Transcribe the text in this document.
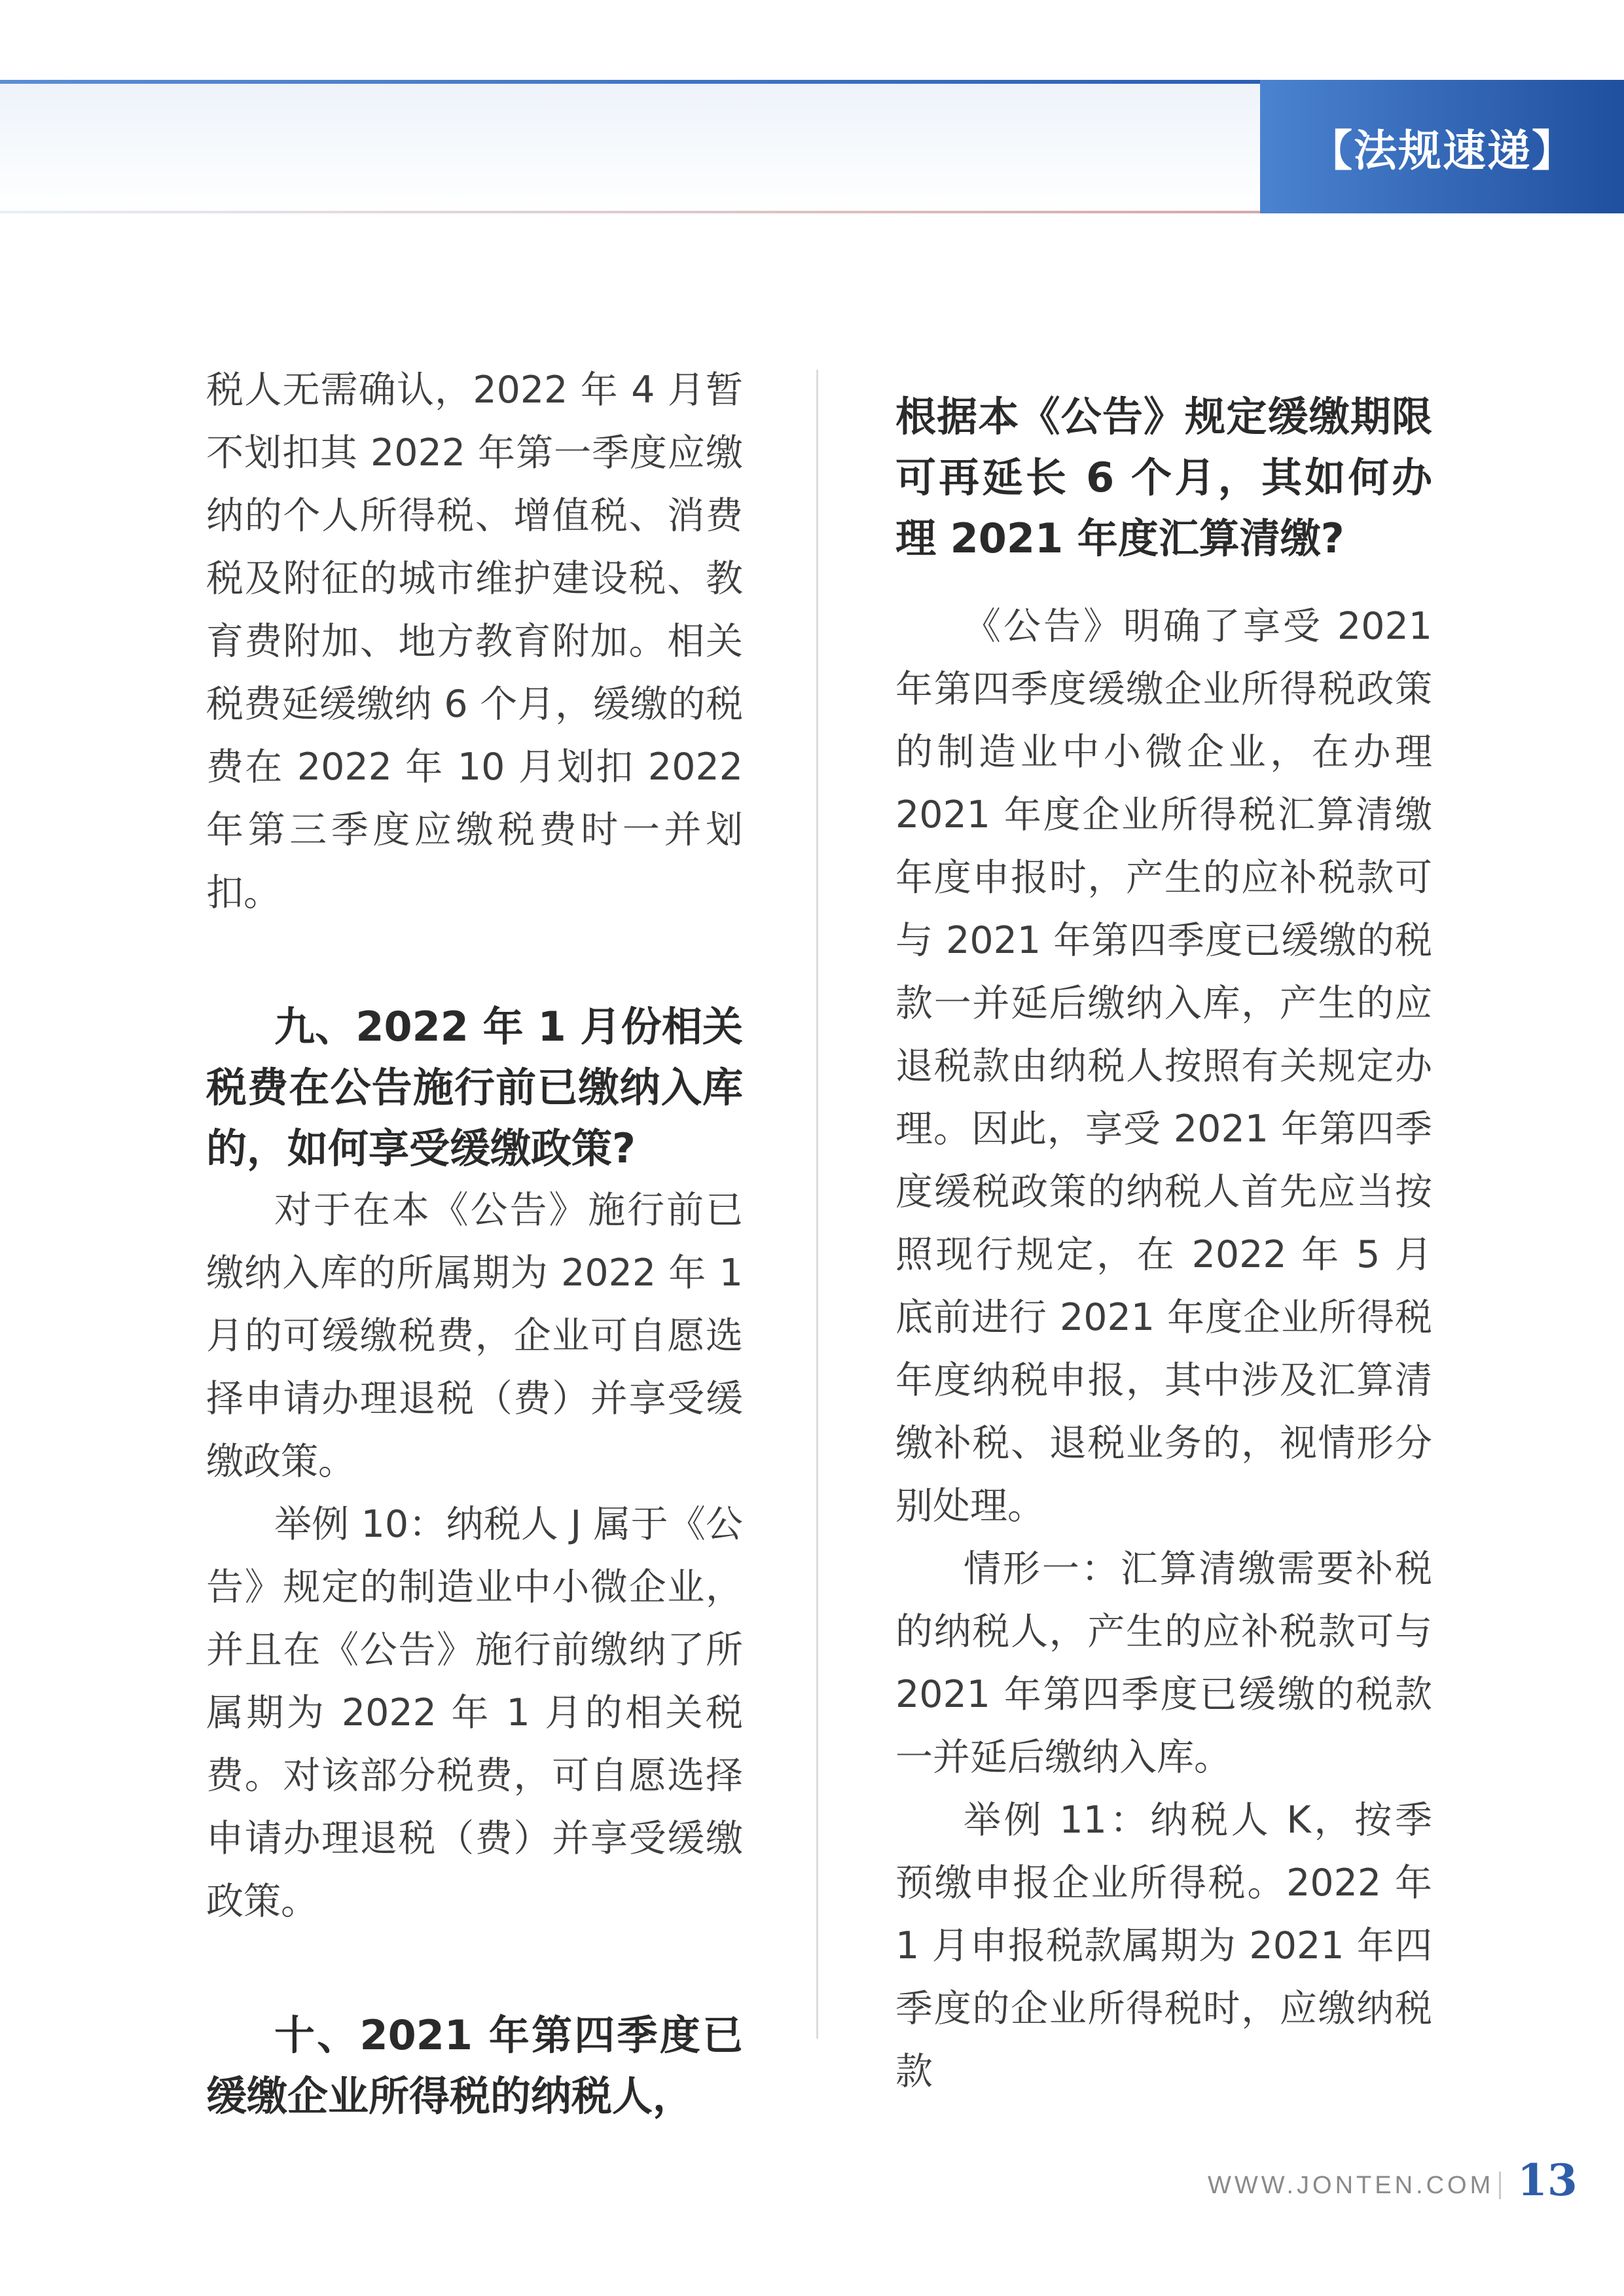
【法规速递】

税人无需确认，2022 年 4 月暂不划扣其 2022 年第一季度应缴纳的个人所得税、增值税、消费税及附征的城市维护建设税、教育费附加、地方教育附加。相关税费延缓缴纳 6 个月，缓缴的税费在 2022 年 10 月划扣 2022 年第三季度应缴税费时一并划扣。

九、2022 年 1 月份相关税费在公告施行前已缴纳入库的，如何享受缓缴政策?

对于在本《公告》施行前已缴纳入库的所属期为 2022 年 1 月的可缓缴税费，企业可自愿选择申请办理退税（费）并享受缓缴政策。

举例 10：纳税人 J 属于《公告》规定的制造业中小微企业，并且在《公告》施行前缴纳了所属期为 2022 年 1 月的相关税费。对该部分税费，可自愿选择申请办理退税（费）并享受缓缴政策。

十、2021 年第四季度已缓缴企业所得税的纳税人，

根据本《公告》规定缓缴期限可再延长 6 个月，其如何办理 2021 年度汇算清缴?

《公告》明确了享受 2021 年第四季度缓缴企业所得税政策的制造业中小微企业，在办理 2021 年度企业所得税汇算清缴年度申报时，产生的应补税款可与 2021 年第四季度已缓缴的税款一并延后缴纳入库，产生的应退税款由纳税人按照有关规定办理。因此，享受 2021 年第四季度缓税政策的纳税人首先应当按照现行规定，在 2022 年 5 月底前进行 2021 年度企业所得税年度纳税申报，其中涉及汇算清缴补税、退税业务的，视情形分别处理。

情形一：汇算清缴需要补税的纳税人，产生的应补税款可与 2021 年第四季度已缓缴的税款一并延后缴纳入库。

举例 11：纳税人 K，按季预缴申报企业所得税。2022 年 1 月申报税款属期为 2021 年四季度的企业所得税时，应缴纳税款

WWW.JONTEN.COM 13
